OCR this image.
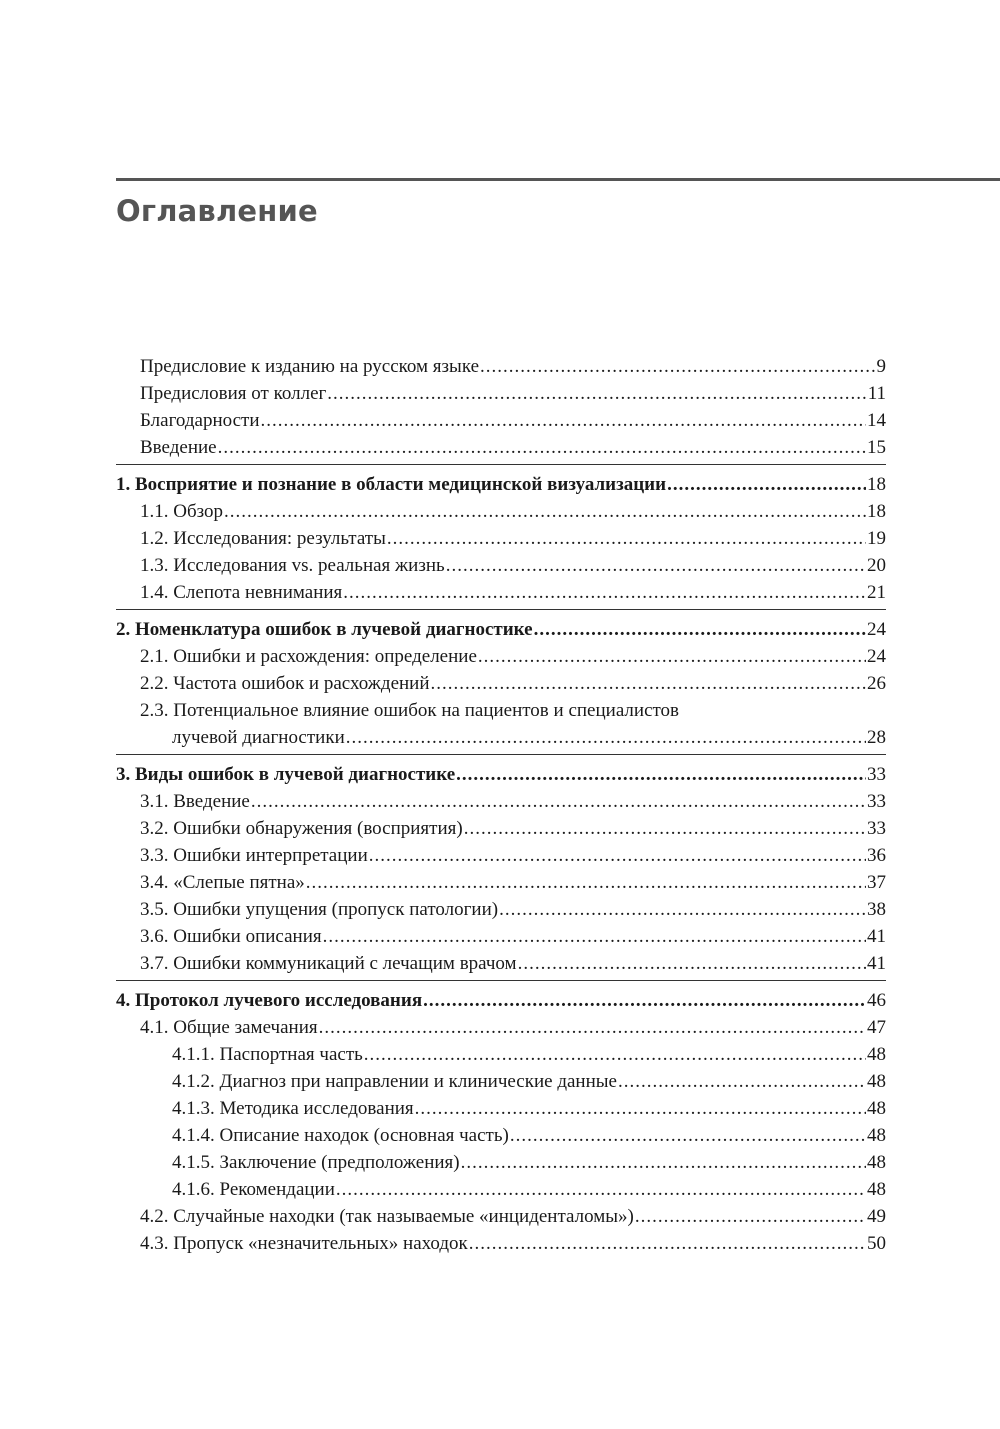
Оглавление
Предисловие к изданию на русском языке .....	9
Предисловия от коллег .....	11
Благодарности .....	14
Введение .....	15
1. Восприятие и познание в области медицинской визуализации .....	18
1.1. Обзор .....	18
1.2. Исследования: результаты .....	19
1.3. Исследования vs. реальная жизнь .....	20
1.4. Слепота невнимания .....	21
2. Номенклатура ошибок в лучевой диагностике .....	24
2.1. Ошибки и расхождения: определение .....	24
2.2. Частота ошибок и расхождений .....	26
2.3. Потенциальное влияние ошибок на пациентов и специалистов
лучевой диагностики .....	28
3. Виды ошибок в лучевой диагностике .....	33
3.1. Введение .....	33
3.2. Ошибки обнаружения (восприятия) .....	33
3.3. Ошибки интерпретации .....	36
3.4. «Слепые пятна» .....	37
3.5. Ошибки упущения (пропуск патологии) .....	38
3.6. Ошибки описания .....	41
3.7. Ошибки коммуникаций с лечащим врачом .....	41
4. Протокол лучевого исследования .....	46
4.1. Общие замечания .....	47
4.1.1. Паспортная часть .....	48
4.1.2. Диагноз при направлении и клинические данные .....	48
4.1.3. Методика исследования .....	48
4.1.4. Описание находок (основная часть) .....	48
4.1.5. Заключение (предположения) .....	48
4.1.6. Рекомендации .....	48
4.2. Случайные находки (так называемые «инциденталомы») .....	49
4.3. Пропуск «незначительных» находок .....	50
